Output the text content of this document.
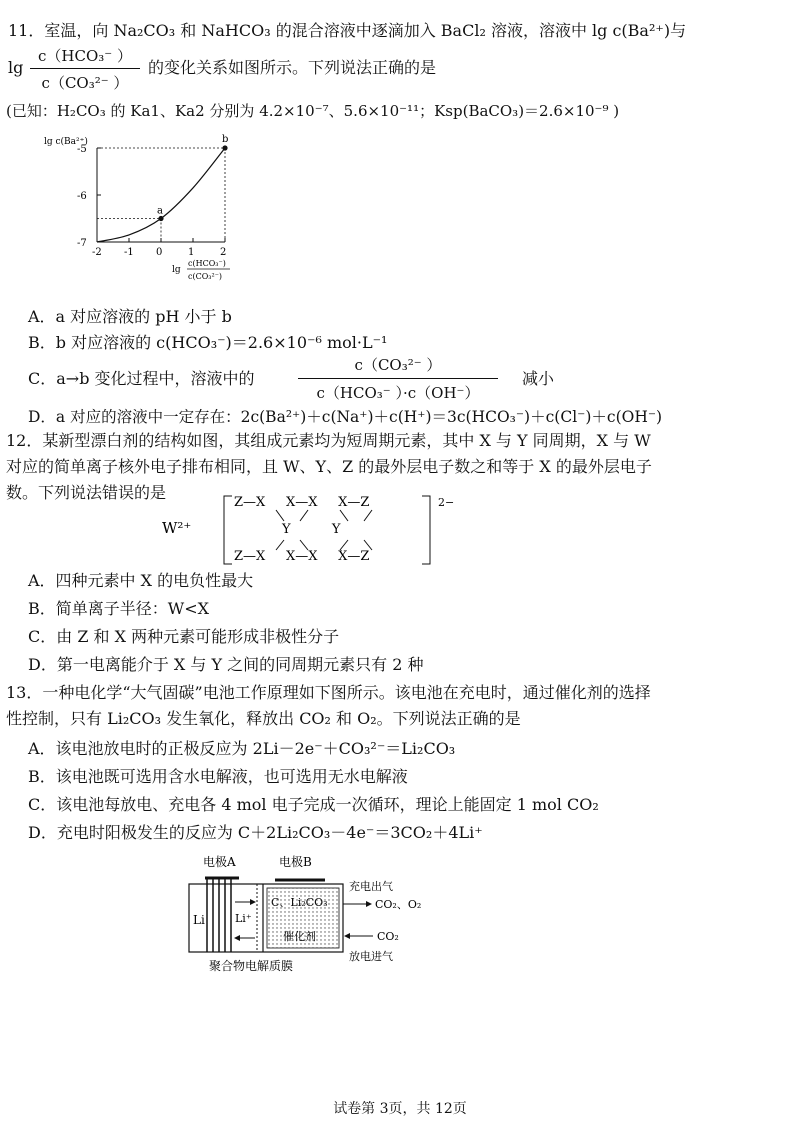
11．室温，向 Na₂CO₃ 和 NaHCO₃ 的混合溶液中逐滴加入 BaCl₂ 溶液，溶液中 lg c(Ba²⁺)与
lg
c（HCO₃⁻ ）
c（CO₃²⁻ ）
的变化关系如图所示。下列说法正确的是
(已知：H₂CO₃ 的 Ka1、Ka2 分别为 4.2×10⁻⁷、5.6×10⁻¹¹；Ksp(BaCO₃)＝2.6×10⁻⁹ )
lg c(Ba²⁺)
-5
-6
-7
-2 -1 0	1	2
a
b
lg
c(HCO₃⁻)
c(CO₃²⁻)
A．a 对应溶液的 pH 小于 b
B．b 对应溶液的 c(HCO₃⁻)＝2.6×10⁻⁶ mol·L⁻¹
C．a→b 变化过程中，溶液中的
c（CO₃²⁻ ）
c（HCO₃⁻ ）·c（OH⁻）
减小
D．a 对应的溶液中一定存在：2c(Ba²⁺)＋c(Na⁺)＋c(H⁺)＝3c(HCO₃⁻)＋c(Cl⁻)＋c(OH⁻)
12．某新型漂白剂的结构如图，其组成元素均为短周期元素，其中 X 与 Y 同周期，X 与 W
对应的简单离子核外电子排布相同，且 W、Y、Z 的最外层电子数之和等于 X 的最外层电子
数。下列说法错误的是
W²⁺
2−
Z—X     X—X     X—Z
Y          Y
Z—X     X—X     X—Z
A．四种元素中 X 的电负性最大
B．简单离子半径：W<X
C．由 Z 和 X 两种元素可能形成非极性分子
D．第一电离能介于 X 与 Y 之间的同周期元素只有 2 种
13．一种电化学“大气固碳”电池工作原理如下图所示。该电池在充电时，通过催化剂的选择
性控制，只有 Li₂CO₃ 发生氧化，释放出 CO₂ 和 O₂。下列说法正确的是
A．该电池放电时的正极反应为 2Li－2e⁻＋CO₃²⁻＝Li₂CO₃
B．该电池既可选用含水电解液，也可选用无水电解液
C．该电池每放电、充电各 4 mol 电子完成一次循环，理论上能固定 1 mol CO₂
D．充电时阳极发生的反应为 C＋2Li₂CO₃－4e⁻＝3CO₂＋4Li⁺
电极A	电极B
Li	Li⁺
C、Li₂CO₃
催化剂
充电出气
CO₂、O₂
CO₂
放电进气
聚合物电解质膜
试卷第 3页，共 12页
